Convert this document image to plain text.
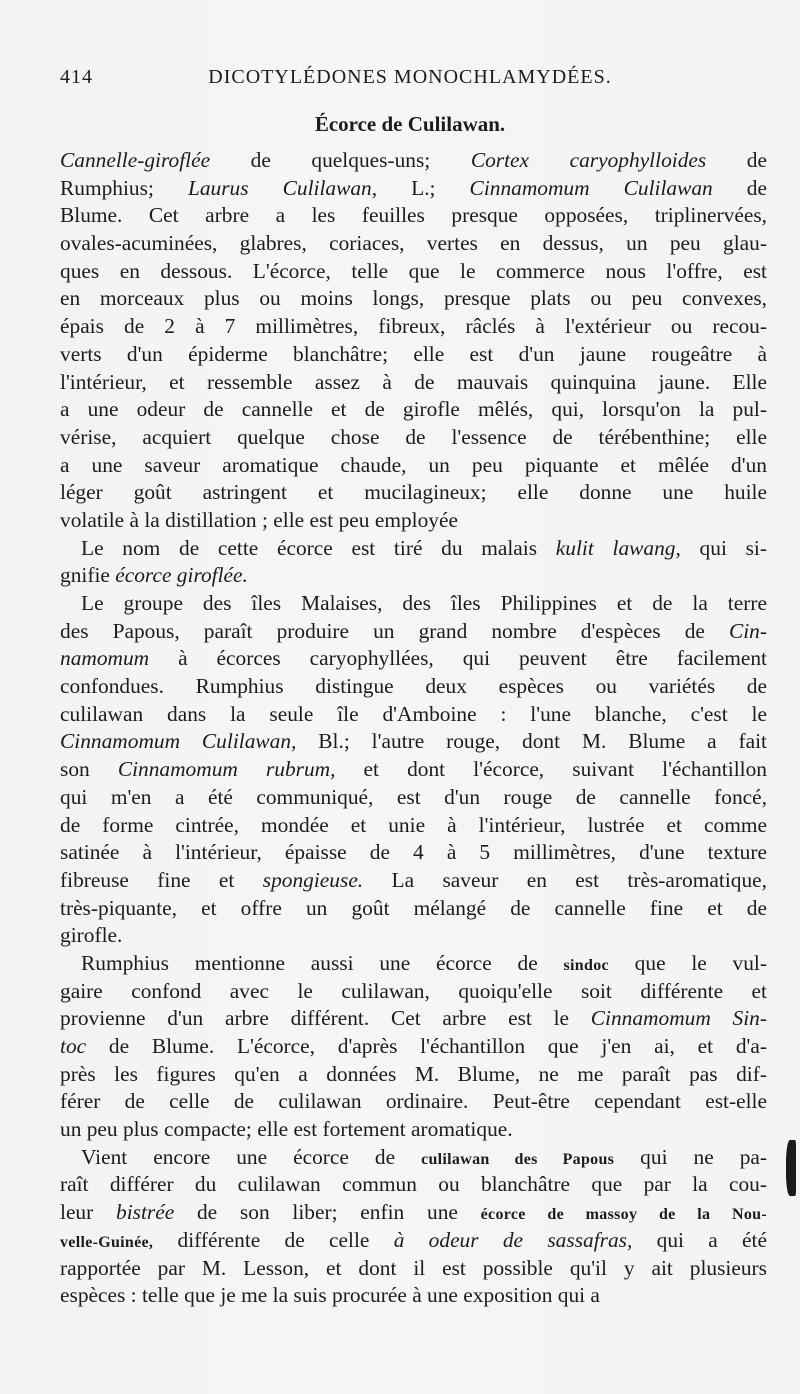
414	DICOTYLÉDONES MONOCHLAMYDÉES.
Écorce de Culilawan.
Cannelle-giroflée de quelques-uns; Cortex caryophylloides de
Rumphius; Laurus Culilawan, L.; Cinnamomum Culilawan de
Blume. Cet arbre a les feuilles presque opposées, triplinervées,
ovales-acuminées, glabres, coriaces, vertes en dessus, un peu glau-
ques en dessous. L'écorce, telle que le commerce nous l'offre, est
en morceaux plus ou moins longs, presque plats ou peu convexes,
épais de 2 à 7 millimètres, fibreux, râclés à l'extérieur ou recou-
verts d'un épiderme blanchâtre; elle est d'un jaune rougeâtre à
l'intérieur, et ressemble assez à de mauvais quinquina jaune. Elle
a une odeur de cannelle et de girofle mêlés, qui, lorsqu'on la pul-
vérise, acquiert quelque chose de l'essence de térébenthine; elle
a une saveur aromatique chaude, un peu piquante et mêlée d'un
léger goût astringent et mucilagineux; elle donne une huile
volatile à la distillation ; elle est peu employée
Le nom de cette écorce est tiré du malais kulit lawang, qui si-
gnifie écorce giroflée.
Le groupe des îles Malaises, des îles Philippines et de la terre
des Papous, paraît produire un grand nombre d'espèces de Cin-
namomum à écorces caryophyllées, qui peuvent être facilement
confondues. Rumphius distingue deux espèces ou variétés de
culilawan dans la seule île d'Amboine : l'une blanche, c'est le
Cinnamomum Culilawan, Bl.; l'autre rouge, dont M. Blume a fait
son Cinnamomum rubrum, et dont l'écorce, suivant l'échantillon
qui m'en a été communiqué, est d'un rouge de cannelle foncé,
de forme cintrée, mondée et unie à l'intérieur, lustrée et comme
satinée à l'intérieur, épaisse de 4 à 5 millimètres, d'une texture
fibreuse fine et spongieuse. La saveur en est très-aromatique,
très-piquante, et offre un goût mélangé de cannelle fine et de
girofle.
Rumphius mentionne aussi une écorce de sindoc que le vul-
gaire confond avec le culilawan, quoiqu'elle soit différente et
provienne d'un arbre différent. Cet arbre est le Cinnamomum Sin-
toc de Blume. L'écorce, d'après l'échantillon que j'en ai, et d'a-
près les figures qu'en a données M. Blume, ne me paraît pas dif-
férer de celle de culilawan ordinaire. Peut-être cependant est-elle
un peu plus compacte; elle est fortement aromatique.
Vient encore une écorce de culilawan des Papous qui ne pa-
raît différer du culilawan commun ou blanchâtre que par la cou-
leur bistrée de son liber; enfin une écorce de massoy de la Nou-
velle-Guinée, différente de celle à odeur de sassafras, qui a été
rapportée par M. Lesson, et dont il est possible qu'il y ait plusieurs
espèces : telle que je me la suis procurée à une exposition qui a
